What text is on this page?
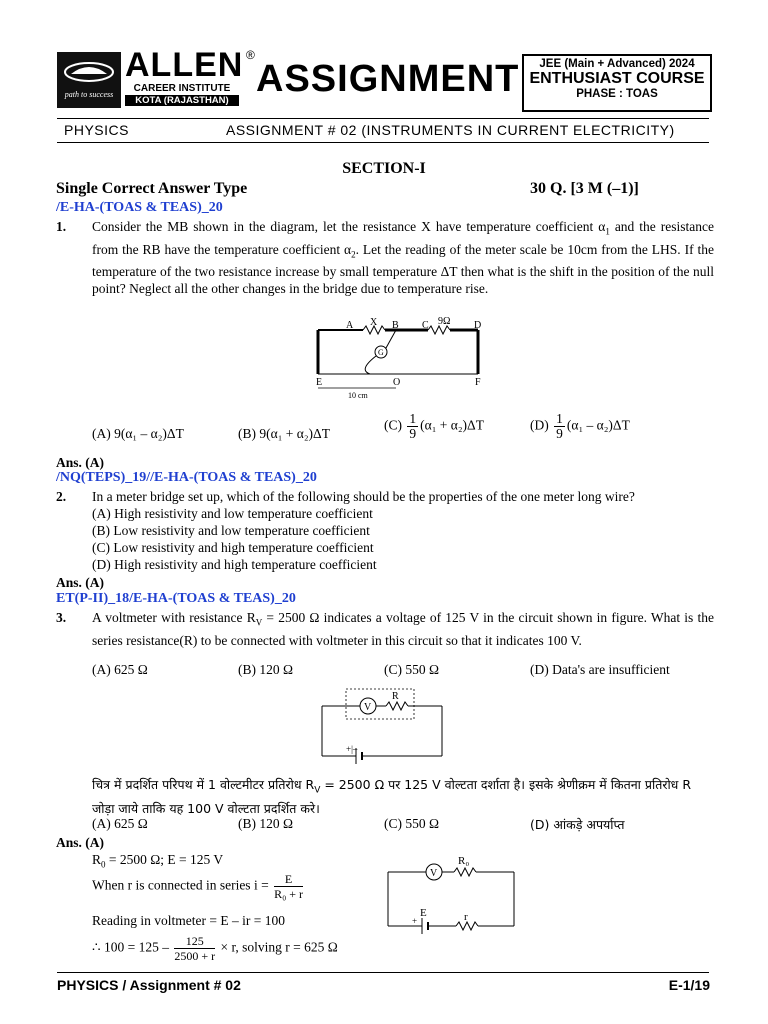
path to success
ALLEN
CAREER INSTITUTE
KOTA (RAJASTHAN)
®
ASSIGNMENT	JEE (Main + Advanced) 2024
ENTHUSIAST COURSE
PHASE : TOAS
PHYSICS	ASSIGNMENT # 02 (INSTRUMENTS IN CURRENT ELECTRICITY)
SECTION-I
Single Correct Answer Type	30 Q. [3 M (–1)]
/E-HA-(TOAS & TEAS)_20
1. Consider the MB shown in the diagram, let the resistance X have temperature coefficient $\alpha_1$ and the resistance from the RB have the temperature coefficient $\alpha_2$. Let the reading of the meter scale be 10cm from the LHS. If the temperature of the two resistance increase by small temperature ΔT then what is the shift in the position of the null point? Neglect all the other changes in the bridge due to temperature rise.
A X B C 9Ω D
G
E	O	F
10 cm
(A) 9(α₁ – α₂)ΔT	(B) 9(α₁ + α₂)ΔT
$(C) \frac{1}{9} (\alpha_1 + \alpha_2)\Delta T$	$(D) \frac{1}{9} (\alpha_1 - \alpha_2)\Delta T$
Ans. (A)
/NQ(TEPS)_19//E-HA-(TOAS & TEAS)_20
2. In a meter bridge set up, which of the following should be the properties of the one meter long wire?
(A) High resistivity and low temperature coefficient
(B) Low resistivity and low temperature coefficient
(C) Low resistivity and high temperature coefficient
(D) High resistivity and high temperature coefficient
Ans. (A)
ET(P-II)_18/E-HA-(TOAS & TEAS)_20
3. A voltmeter with resistance $R_V = 2500$ Ω indicates a voltage of 125 V in the circuit shown in figure. What is the series resistance(R) to be connected with voltmeter in this circuit so that it indicates 100 V.
(A) 625 Ω	(B) 120 Ω	(C) 550 Ω	(D) Data's are insufficient
V
R
+|–
चित्र में प्रदर्शित परिपथ में 1 वोल्टमीटर प्रतिरोध $R_V = 2500$ Ω पर 125 V वोल्टता दर्शाता है। इसके श्रेणीक्रम में कितना प्रतिरोध R जोड़ा जाये ताकि यह 100 V वोल्टता प्रदर्शित करे।
(A) 625 Ω	(B) 120 Ω	(C) 550 Ω	(D) आंकड़े अपर्याप्त
Ans. (A)
$R_0 = 2500$ Ω; E = 125 V
When r is connected in series $i = \frac{E}{\text{R₀ + r}}$
Reading in voltmeter = E – ir = 100
∴ $100 = 125 - \frac{125}{2500 + r} \times r$, solving r = 625 Ω
V
R₀
E
+	r
PHYSICS / Assignment # 02	E-1/19
